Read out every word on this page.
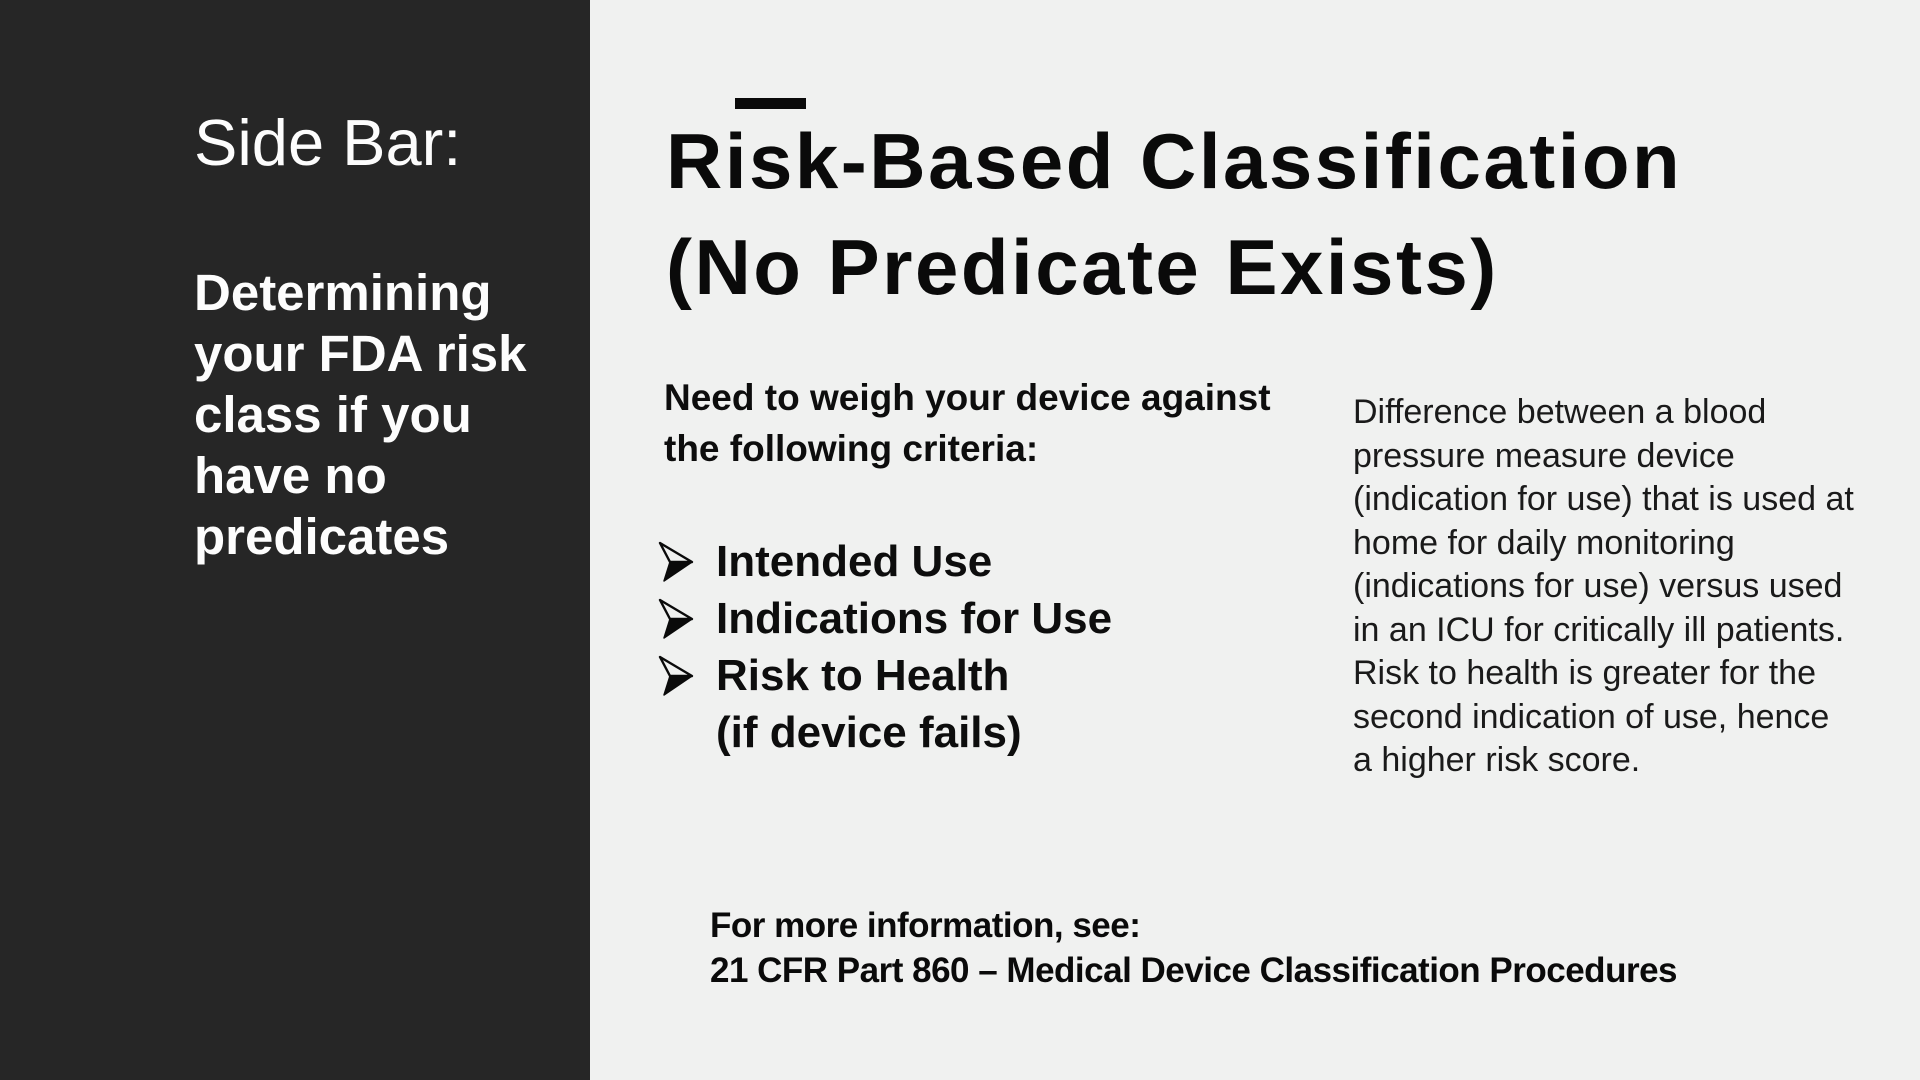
Side Bar:
Determining
your FDA risk
class if you
have no
predicates
Risk-Based Classification
(No Predicate Exists)
Need to weigh your device against
the following criteria:
Intended Use
Indications for Use
Risk to Health
(if device fails)
Difference between a blood
pressure measure device
(indication for use) that is used at
home for daily monitoring
(indications for use) versus used
in an ICU for critically ill patients.
Risk to health is greater for the
second indication of use, hence
a higher risk score.
For more information, see:
21 CFR Part 860 – Medical Device Classification Procedures
